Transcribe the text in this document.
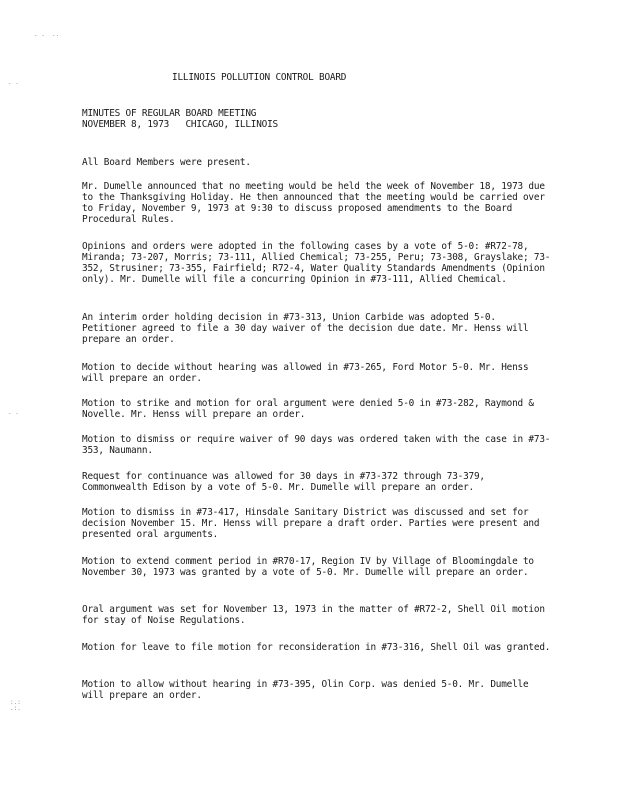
. .  ..
. .
. .
:.:
.:.

ILLINOIS POLLUTION CONTROL BOARD

MINUTES OF REGULAR BOARD MEETING

NOVEMBER 8, 1973   CHICAGO, ILLINOIS

All Board Members were present.

Mr. Dumelle announced that no meeting would be held the week of November 18, 1973 due to the Thanksgiving Holiday. He then announced that the meeting would be carried over to Friday, November 9, 1973 at 9:30 to discuss proposed amendments to the Board Procedural Rules.

Opinions and orders were adopted in the following cases by a vote of 5-0: #R72-78, Miranda; 73-207, Morris; 73-111, Allied Chemical; 73-255, Peru; 73-308, Grayslake; 73-352, Strusiner; 73-355, Fairfield; R72-4, Water Quality Standards Amendments (Opinion only). Mr. Dumelle will file a concurring Opinion in #73-111, Allied Chemical.

An interim order holding decision in #73-313, Union Carbide was adopted 5-0. Petitioner agreed to file a 30 day waiver of the decision due date. Mr. Henss will prepare an order.

Motion to decide without hearing was allowed in #73-265, Ford Motor 5-0. Mr. Henss will prepare an order.

Motion to strike and motion for oral argument were denied 5-0 in #73-282, Raymond & Novelle. Mr. Henss will prepare an order.

Motion to dismiss or require waiver of 90 days was ordered taken with the case in #73-353, Naumann.

Request for continuance was allowed for 30 days in #73-372 through 73-379, Commonwealth Edison by a vote of 5-0. Mr. Dumelle will prepare an order.

Motion to dismiss in #73-417, Hinsdale Sanitary District was discussed and set for decision November 15. Mr. Henss will prepare a draft order. Parties were present and presented oral arguments.

Motion to extend comment period in #R70-17, Region IV by Village of Bloomingdale to November 30, 1973 was granted by a vote of 5-0. Mr. Dumelle will prepare an order.

Oral argument was set for November 13, 1973 in the matter of #R72-2, Shell Oil motion for stay of Noise Regulations.

Motion for leave to file motion for reconsideration in #73-316, Shell Oil was granted.

Motion to allow without hearing in #73-395, Olin Corp. was denied 5-0. Mr. Dumelle will prepare an order.
